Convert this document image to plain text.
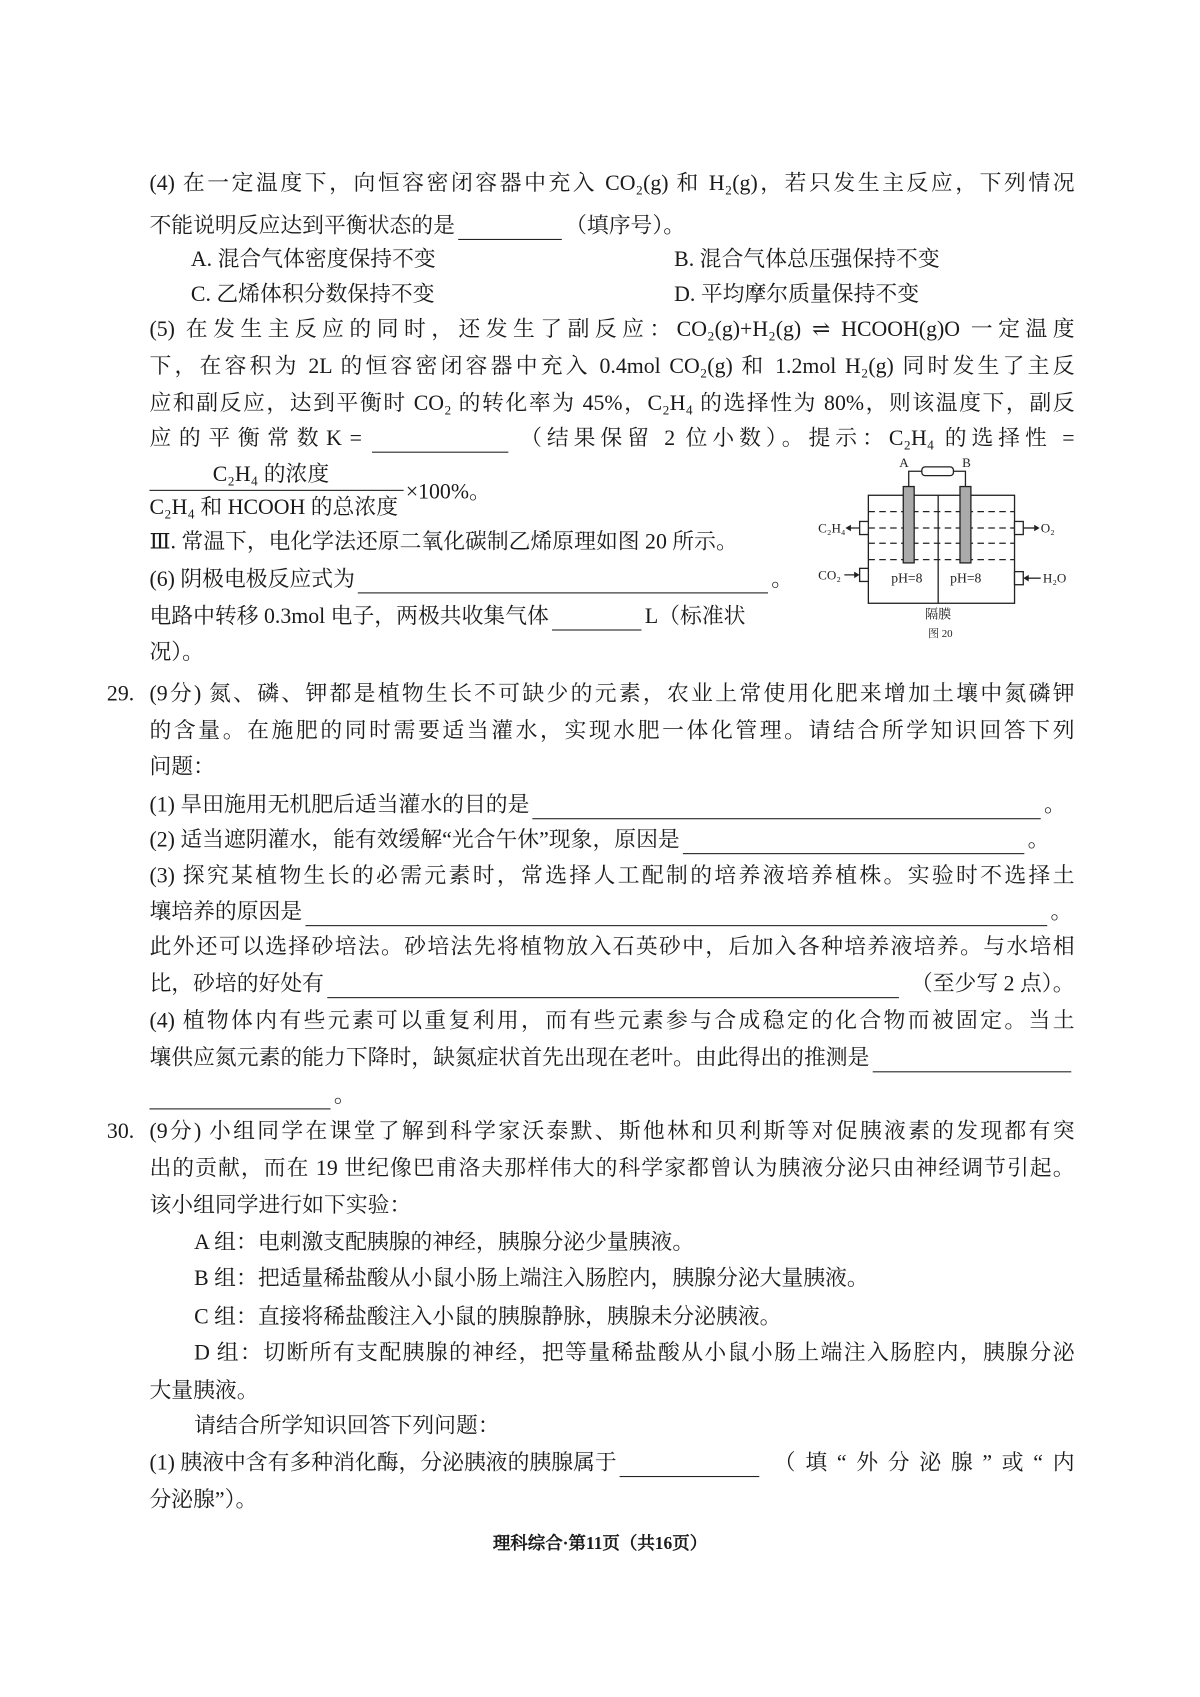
(4) 在一定温度下，向恒容密闭容器中充入 CO₂(g) 和 H₂(g)，若只发生主反应，下列情况
不能说明反应达到平衡状态的是	（填序号）。
A. 混合气体密度保持不变	B. 混合气体总压强保持不变
C. 乙烯体积分数保持不变	D. 平均摩尔质量保持不变
(5) 在发生主反应的同时，还发生了副反应：CO₂(g)+H₂(g) ⇌ HCOOH(g)O 一定温度
下，在容积为 2L 的恒容密闭容器中充入 0.4mol CO₂(g) 和 1.2mol H₂(g) 同时发生了主反
应和副反应，达到平衡时 CO₂ 的转化率为 45%，C₂H₄ 的选择性为 80%，则该温度下，副反
应 的 平 衡 常 数 K =	（结果保留 2 位小数）。提示：C₂H₄ 的选择性 =
C₂H₄ 的浓度
C₂H₄ 和 HCOOH 的总浓度
×100%。
Ⅲ. 常温下，电化学法还原二氧化碳制乙烯原理如图 20 所示。
(6) 阴极电极反应式为	。
电路中转移 0.3mol 电子，两极共收集气体	L（标准状
况）。
A	B
C₂H₄
CO₂
O₂
H₂O
pH=8 pH=8
隔膜
图 20
29. (9分) 氮、磷、钾都是植物生长不可缺少的元素，农业上常使用化肥来增加土壤中氮磷钾
的含量。在施肥的同时需要适当灌水，实现水肥一体化管理。请结合所学知识回答下列
问题：
(1) 旱田施用无机肥后适当灌水的目的是	。
(2) 适当遮阴灌水，能有效缓解“光合午休”现象，原因是	。
(3) 探究某植物生长的必需元素时，常选择人工配制的培养液培养植株。实验时不选择土
壤培养的原因是	。
此外还可以选择砂培法。砂培法先将植物放入石英砂中，后加入各种培养液培养。与水培相
比，砂培的好处有	（至少写 2 点）。
(4) 植物体内有些元素可以重复利用，而有些元素参与合成稳定的化合物而被固定。当土
壤供应氮元素的能力下降时，缺氮症状首先出现在老叶。由此得出的推测是
。
30. (9分) 小组同学在课堂了解到科学家沃泰默、斯他林和贝利斯等对促胰液素的发现都有突
出的贡献，而在 19 世纪像巴甫洛夫那样伟大的科学家都曾认为胰液分泌只由神经调节引起。
该小组同学进行如下实验：
A 组：电刺激支配胰腺的神经，胰腺分泌少量胰液。
B 组：把适量稀盐酸从小鼠小肠上端注入肠腔内，胰腺分泌大量胰液。
C 组：直接将稀盐酸注入小鼠的胰腺静脉，胰腺未分泌胰液。
D 组：切断所有支配胰腺的神经，把等量稀盐酸从小鼠小肠上端注入肠腔内，胰腺分泌
大量胰液。
请结合所学知识回答下列问题：
(1) 胰液中含有多种消化酶，分泌胰液的胰腺属于	（填“外分泌腺”或“内
分泌腺”）。
理科综合·第11页（共16页）
